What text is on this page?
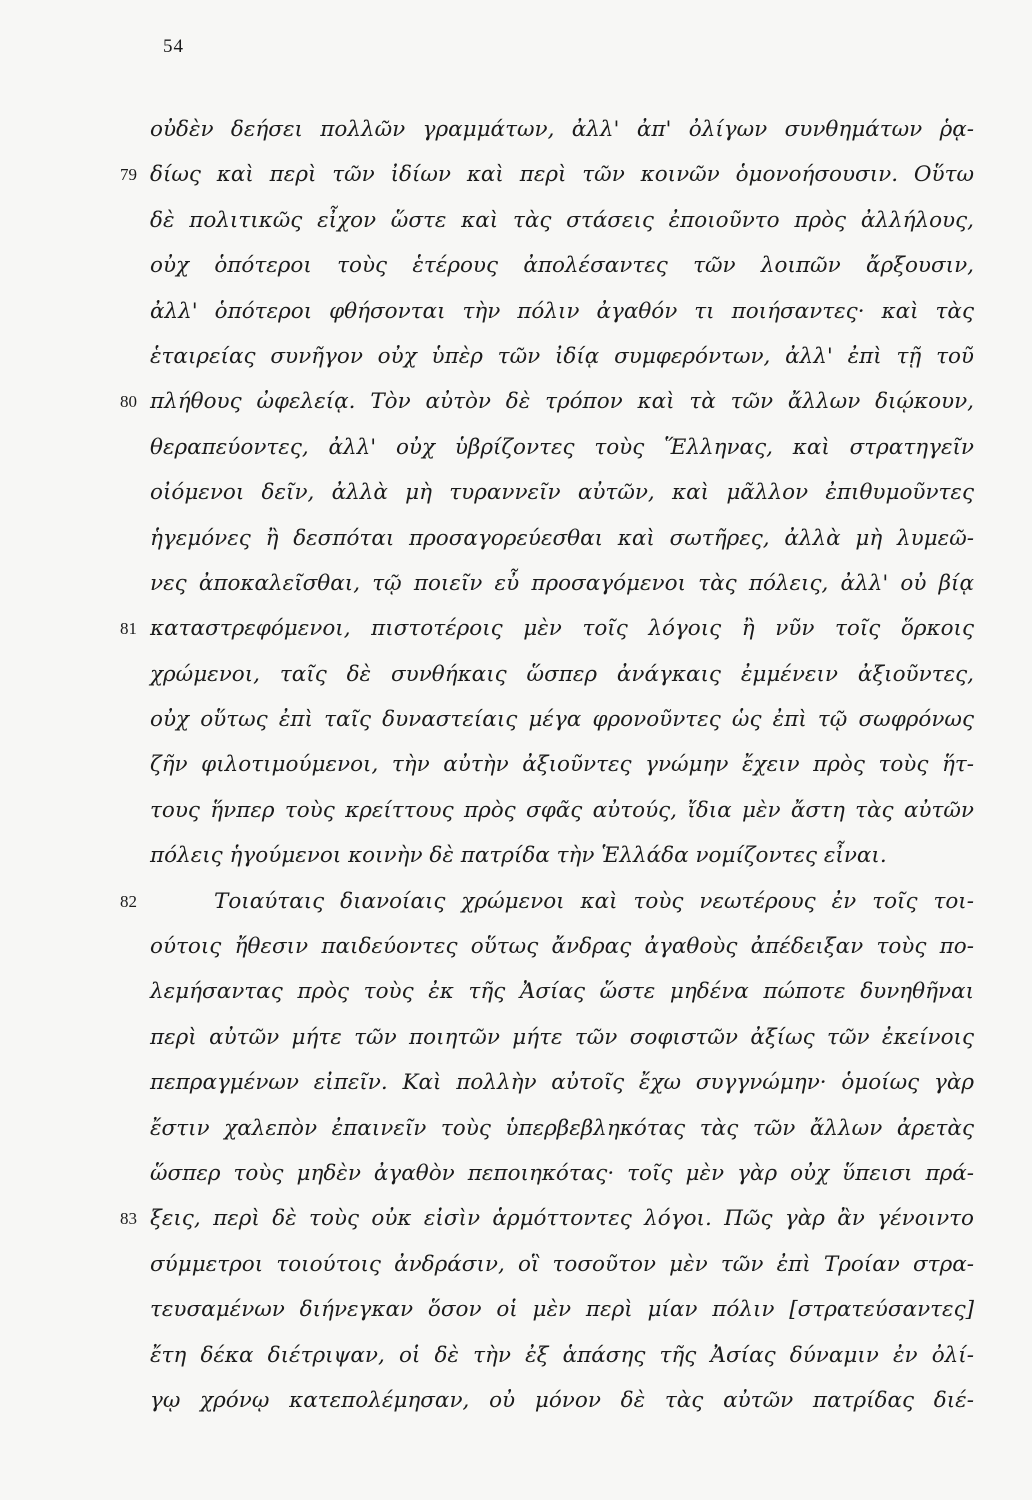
54
οὐδὲν δεήσει πολλῶν γραμμάτων, ἀλλ' ἀπ' ὀλίγων συνθημάτων ῥᾳ-
79 δίως καὶ περὶ τῶν ἰδίων καὶ περὶ τῶν κοινῶν ὁμονοήσουσιν. Οὕτω
δὲ πολιτικῶς εἶχον ὥστε καὶ τὰς στάσεις ἐποιοῦντο πρὸς ἀλλήλους,
οὐχ ὁπότεροι τοὺς ἑτέρους ἀπολέσαντες τῶν λοιπῶν ἄρξουσιν,
ἀλλ' ὁπότεροι φθήσονται τὴν πόλιν ἀγαθόν τι ποιήσαντες· καὶ τὰς
ἑταιρείας συνῆγον οὐχ ὑπὲρ τῶν ἰδίᾳ συμφερόντων, ἀλλ' ἐπὶ τῇ τοῦ
80 πλήθους ὠφελείᾳ. Τὸν αὐτὸν δὲ τρόπον καὶ τὰ τῶν ἄλλων διῴκουν,
θεραπεύοντες, ἀλλ' οὐχ ὑβρίζοντες τοὺς Ἕλληνας, καὶ στρατηγεῖν
οἰόμενοι δεῖν, ἀλλὰ μὴ τυραννεῖν αὐτῶν, καὶ μᾶλλον ἐπιθυμοῦντες
ἡγεμόνες ἢ δεσπόται προσαγορεύεσθαι καὶ σωτῆρες, ἀλλὰ μὴ λυμεῶ-
νες ἀποκαλεῖσθαι, τῷ ποιεῖν εὖ προσαγόμενοι τὰς πόλεις, ἀλλ' οὐ βίᾳ
81 καταστρεφόμενοι, πιστοτέροις μὲν τοῖς λόγοις ἢ νῦν τοῖς ὅρκοις
χρώμενοι, ταῖς δὲ συνθήκαις ὥσπερ ἀνάγκαις ἐμμένειν ἀξιοῦντες,
οὐχ οὕτως ἐπὶ ταῖς δυναστείαις μέγα φρονοῦντες ὡς ἐπὶ τῷ σωφρόνως
ζῆν φιλοτιμούμενοι, τὴν αὐτὴν ἀξιοῦντες γνώμην ἔχειν πρὸς τοὺς ἥτ-
τους ἥνπερ τοὺς κρείττους πρὸς σφᾶς αὐτούς, ἴδια μὲν ἄστη τὰς αὐτῶν
πόλεις ἡγούμενοι κοινὴν δὲ πατρίδα τὴν Ἑλλάδα νομίζοντες εἶναι.
82	Τοιαύταις διανοίαις χρώμενοι καὶ τοὺς νεωτέρους ἐν τοῖς τοι-
ούτοις ἤθεσιν παιδεύοντες οὕτως ἄνδρας ἀγαθοὺς ἀπέδειξαν τοὺς πο-
λεμήσαντας πρὸς τοὺς ἐκ τῆς Ἀσίας ὥστε μηδένα πώποτε δυνηθῆναι
περὶ αὐτῶν μήτε τῶν ποιητῶν μήτε τῶν σοφιστῶν ἀξίως τῶν ἐκείνοις
πεπραγμένων εἰπεῖν. Καὶ πολλὴν αὐτοῖς ἔχω συγγνώμην· ὁμοίως γὰρ
ἔστιν χαλεπὸν ἐπαινεῖν τοὺς ὑπερβεβληκότας τὰς τῶν ἄλλων ἀρετὰς
ὥσπερ τοὺς μηδὲν ἀγαθὸν πεποιηκότας· τοῖς μὲν γὰρ οὐχ ὕπεισι πρά-
83 ξεις, περὶ δὲ τοὺς οὐκ εἰσὶν ἁρμόττοντες λόγοι. Πῶς γὰρ ἂν γένοιντο
σύμμετροι τοιούτοις ἀνδράσιν, οἳ τοσοῦτον μὲν τῶν ἐπὶ Τροίαν στρα-
τευσαμένων διήνεγκαν ὅσον οἱ μὲν περὶ μίαν πόλιν [στρατεύσαντες]
ἔτη δέκα διέτριψαν, οἱ δὲ τὴν ἐξ ἁπάσης τῆς Ἀσίας δύναμιν ἐν ὀλί-
γῳ χρόνῳ κατεπολέμησαν, οὐ μόνον δὲ τὰς αὐτῶν πατρίδας διέ-
